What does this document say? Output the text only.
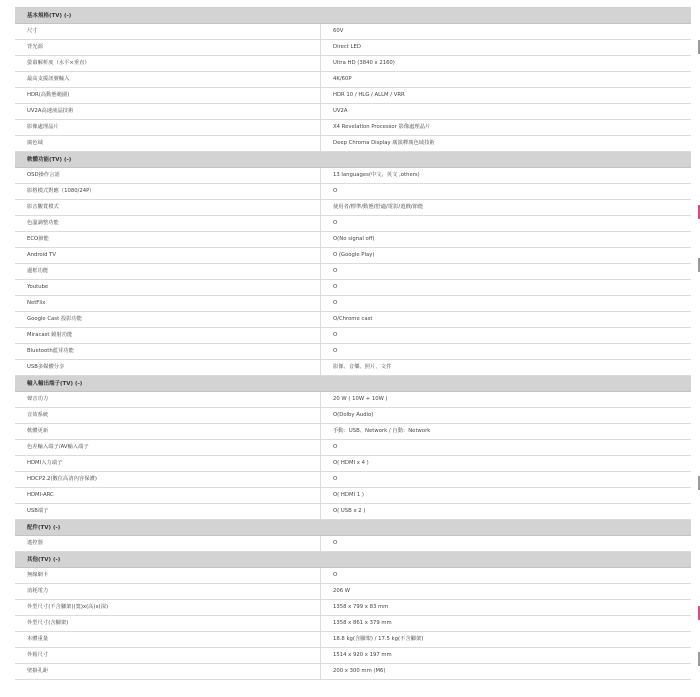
基本規格(TV) (-)
尺寸	60V
背光源	Direct LED
螢幕解析度（水平×垂直）	Ultra HD (3840 x 2160)
最高支援訊號輸入	4K/60P
HDR(高動態範圍)	HDR 10 / HLG / ALLM / VRR
UV2A高速液晶技術	UV2A
影像處理晶片	X4 Revelation Processor 影像處理晶片
廣色域	Deep Chroma Display 廣演釋廣色域技術
軟體功能(TV) (-)
OSD操作言語	13 languages(中文、英文 ,others)
影格模式對應（1080/24P）	O
影音觀賞模式	使用者/標準/動態/舒適/電影/遊戲/節能
色溫調整功能	O
ECO節能	O(No signal off)
Android TV	O (Google Play)
邊框功能	O
Youtube	O
NetFlix	O
Google Cast 投影功能	O/Chrome cast
Miracast 鏡射功能	O
Bluetooth藍芽功能	O
USB多媒體分享	影像、音樂、照片、文件
輸入輸出端子(TV) (-)
聲音功力	20 W ( 10W + 10W )
音效系統	O(Dolby Audio)
軟體更新	手動：USB、Network / 自動：Network
色差輸入端子/AV輸入端子	O
HDMI入力端子	O( HDMI x 4 )
HDCP2.2(數位高清內容保護)	O
HDMI-ARC	O( HDMI 1 )
USB端子	O( USB x 2 )
配件(TV) (-)
遙控器	O
其他(TV) (-)
無線網卡	O
消耗電力	206 W
外型尺寸(不含腳架)(寬)x(高)x(深)	1358 x 799 x 83 mm
外型尺寸(含腳架)	1358 x 861 x 379 mm
本體重量	18.8 kg(含腳架) / 17.5 kg(不含腳架)
外箱尺寸	1514 x 920 x 197 mm
壁掛孔距	200 x 300 mm (M6)
